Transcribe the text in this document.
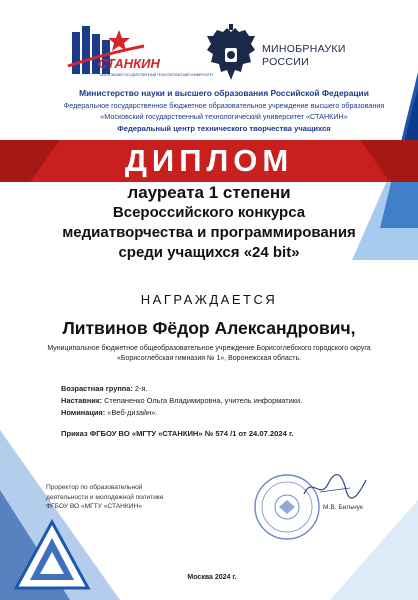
СТАНКИН
МОСКОВСКИЙ ГОСУДАРСТВЕННЫЙ ТЕХНОЛОГИЧЕСКИЙ УНИВЕРСИТЕТ
МИНОБРНАУКИ
РОССИИ
Министерство науки и высшего образования Российской Федерации
Федеральное государственное бюджетное образовательное учреждение высшего образования
«Московский государственный технологический университет «СТАНКИН»
Федеральный центр технического творчества учащихся
ДИПЛОМ
лауреата 1 степени
Всероссийского конкурса
медиатворчества и программирования
среди учащихся «24 bit»
НАГРАЖДАЕТСЯ
Литвинов Фёдор Александрович,
Муниципальное бюджетное общеобразовательное учреждение Борисоглебского городского округа
«Борисоглебская гимназия № 1», Воронежская область.
Возрастная группа: 2-я.
Наставник: Степаненко Ольга Владимировна, учитель информатики.
Номинация: «Веб-дизайн».
Приказ ФГБОУ ВО «МГТУ «СТАНКИН» № 574 /1 от 24.07.2024 г.
Проректор по образовательной
деятельности и молодежной политике
ФГБОУ ВО «МГТУ «СТАНКИН»	М.В. Бильчук
Москва 2024 г.
